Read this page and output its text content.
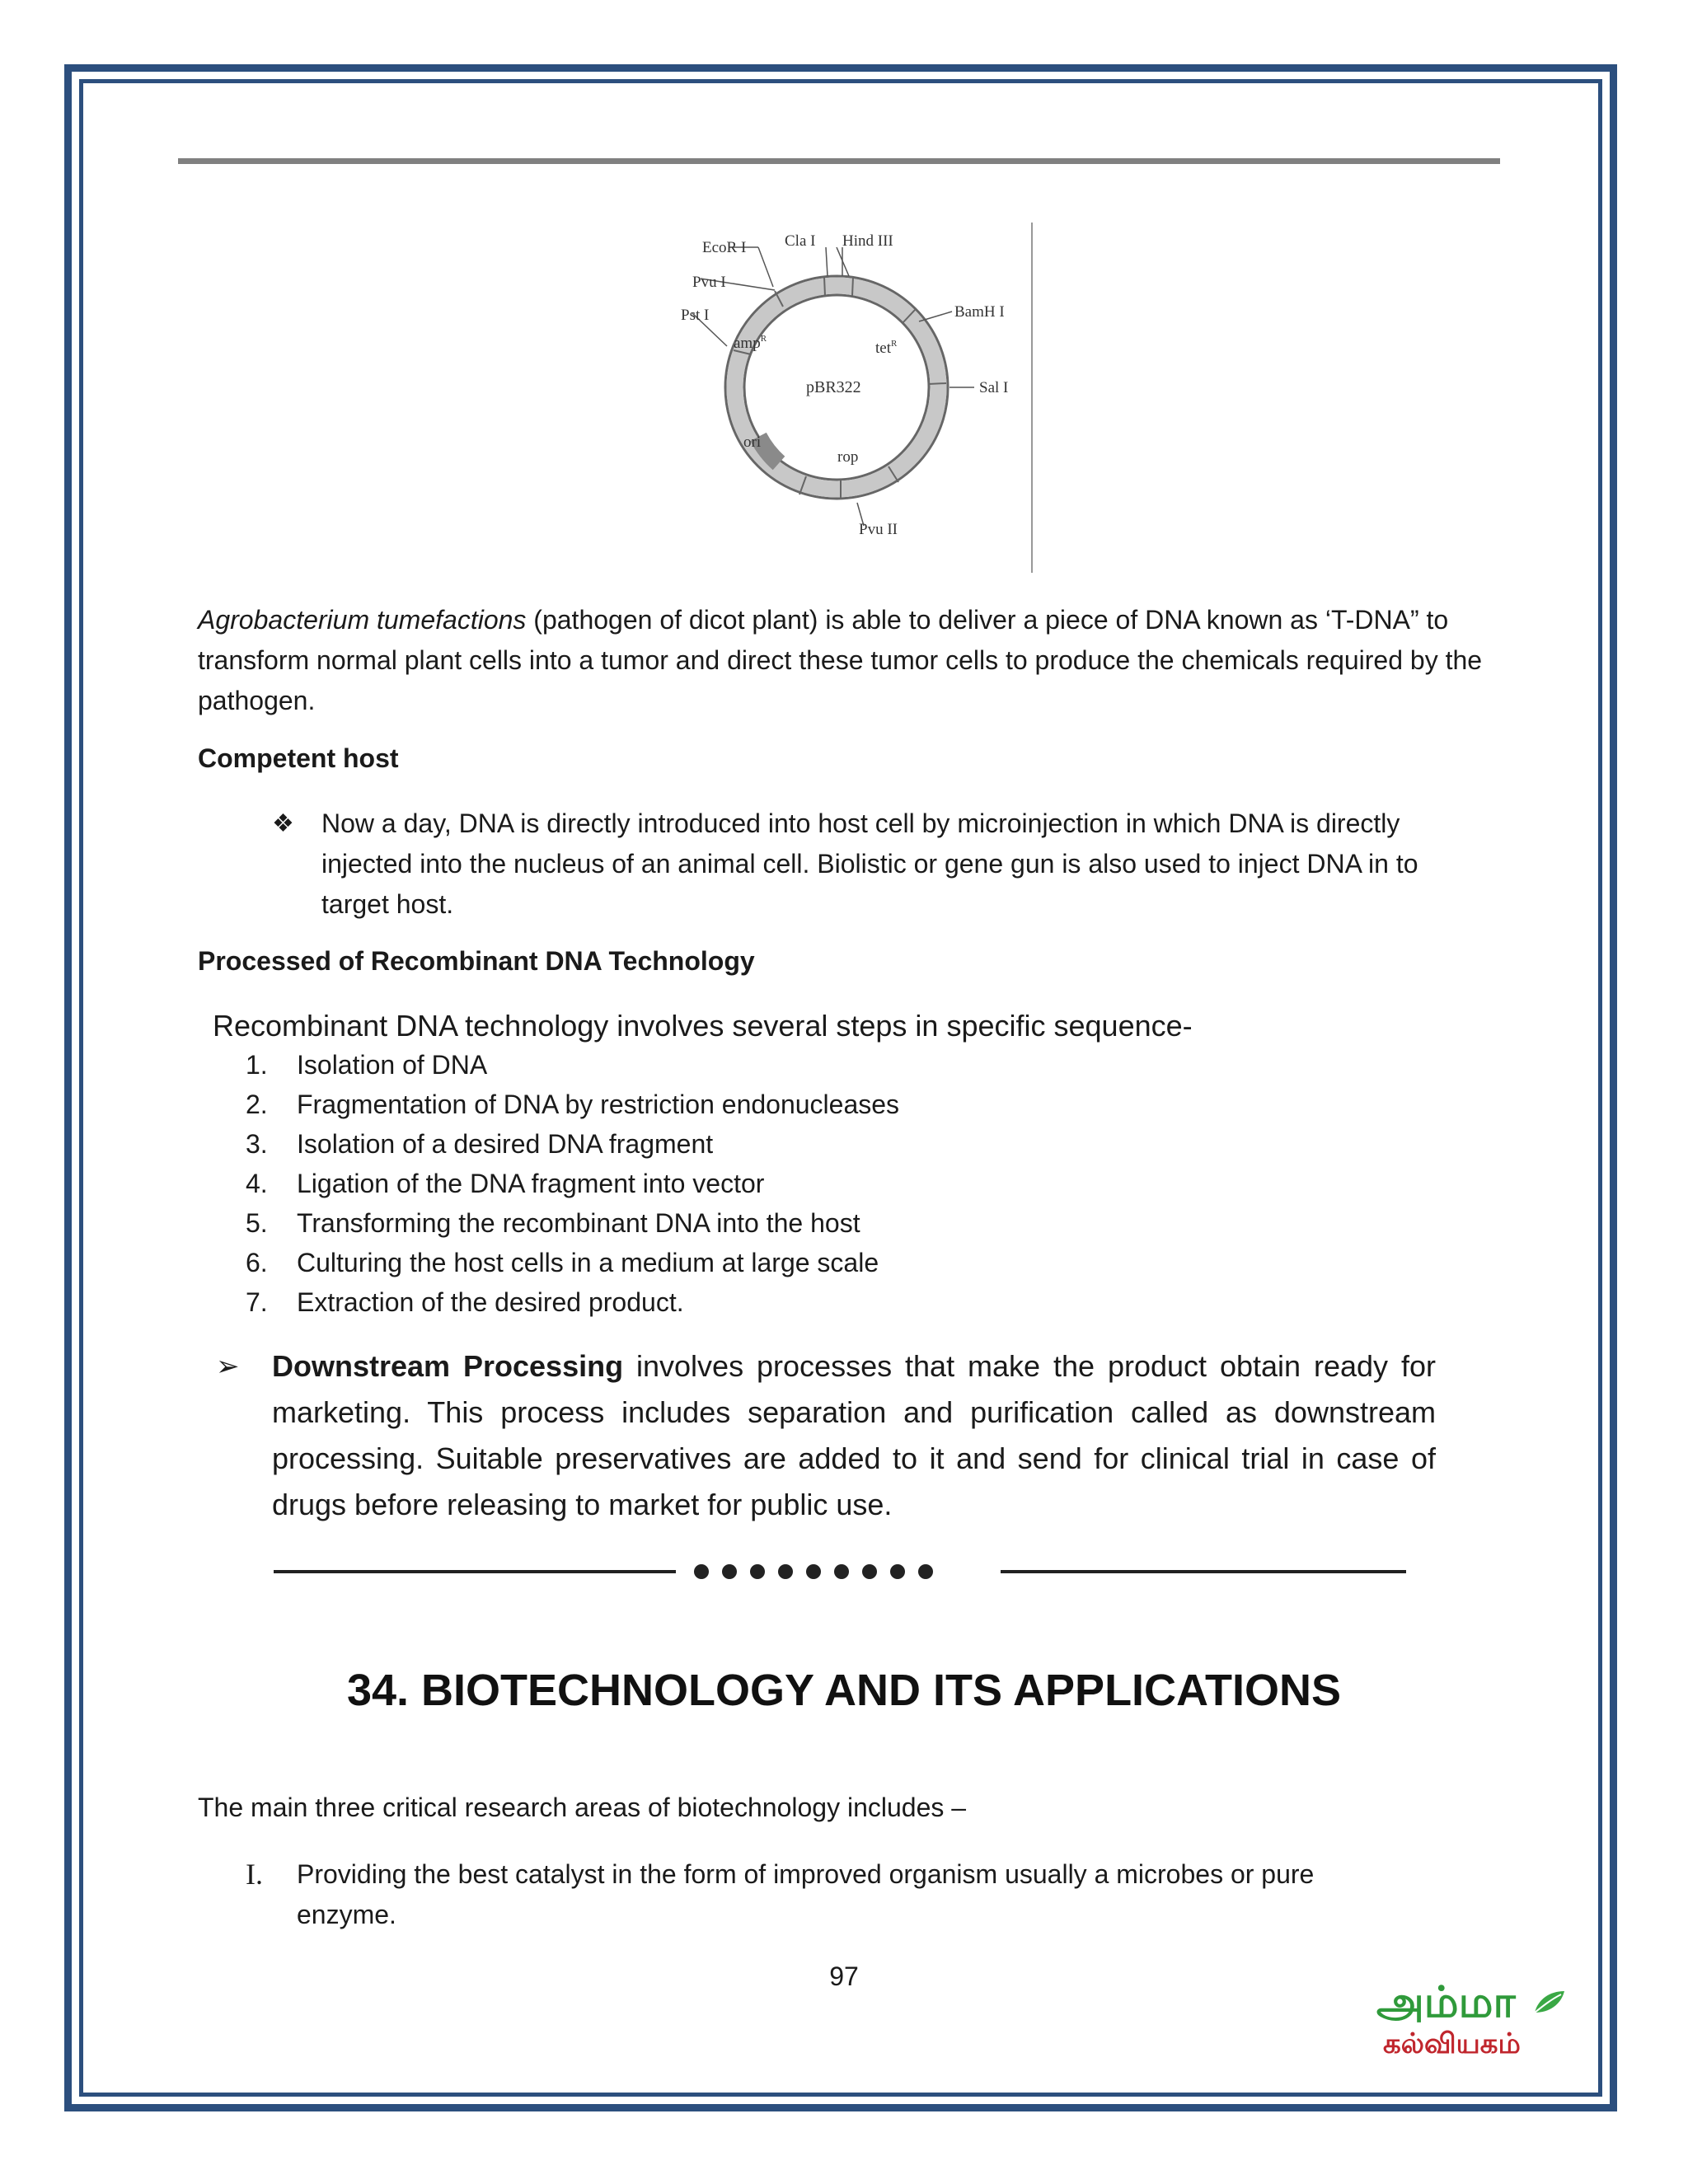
EcoR I Cla I Hind III
Pvu I
Pst I	BamH I
Sal I
Pvu II
amp$^R$
tet$^R$
pBR322
ori
rop
Agrobacterium tumefactions (pathogen of dicot plant) is able to deliver a piece of DNA known as ‘T-DNA” to transform normal plant cells into a tumor and direct these tumor cells to produce the chemicals required by the pathogen.
Competent host
❖ Now a day, DNA is directly introduced into host cell by microinjection in which DNA is directly injected into the nucleus of an animal cell. Biolistic or gene gun is also used to inject DNA in to target host.
Processed of Recombinant DNA Technology
Recombinant DNA technology involves several steps in specific sequence-
1.	Isolation of DNA
2.	Fragmentation of DNA by restriction endonucleases
3.	Isolation of a desired DNA fragment
4.	Ligation of the DNA fragment into vector
5.	Transforming the recombinant DNA into the host
6.	Culturing the host cells in a medium at large scale
7.	Extraction of the desired product.
➢ Downstream Processing involves processes that make the product obtain ready for marketing. This process includes separation and purification called as downstream processing. Suitable preservatives are added to it and send for clinical trial in case of drugs before releasing to market for public use.
34. BIOTECHNOLOGY AND ITS APPLICATIONS
The main three critical research areas of biotechnology includes –
I. Providing the best catalyst in the form of improved organism usually a microbes or pure enzyme.
97
அம்மா
கல்வியகம்
